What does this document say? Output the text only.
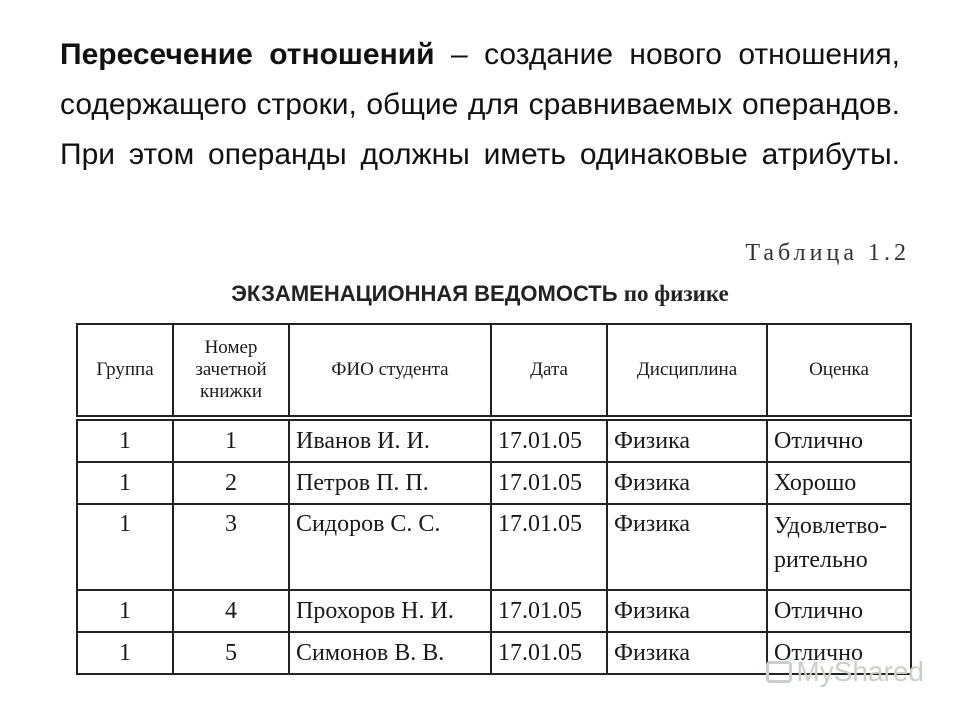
Пересечение отношений – создание нового отношения, содержащего строки, общие для сравниваемых операндов. При этом операнды должны иметь одинаковые атрибуты.

Таблица 1.2
ЭКЗАМЕНАЦИОННАЯ ВЕДОМОСТЬ по физике
Группа	Номер зачетной книжки	ФИО студента	Дата	Дисциплина	Оценка
1	1	Иванов И. И.	17.01.05	Физика	Отлично
1	2	Петров П. П.	17.01.05	Физика	Хорошо
1	3	Сидоров С. С.	17.01.05	Физика	Удовлетво-рительно
1	4	Прохоров Н. И.	17.01.05	Физика	Отлично
1	5	Симонов В. В.	17.01.05	Физика	Отлично
MyShared
